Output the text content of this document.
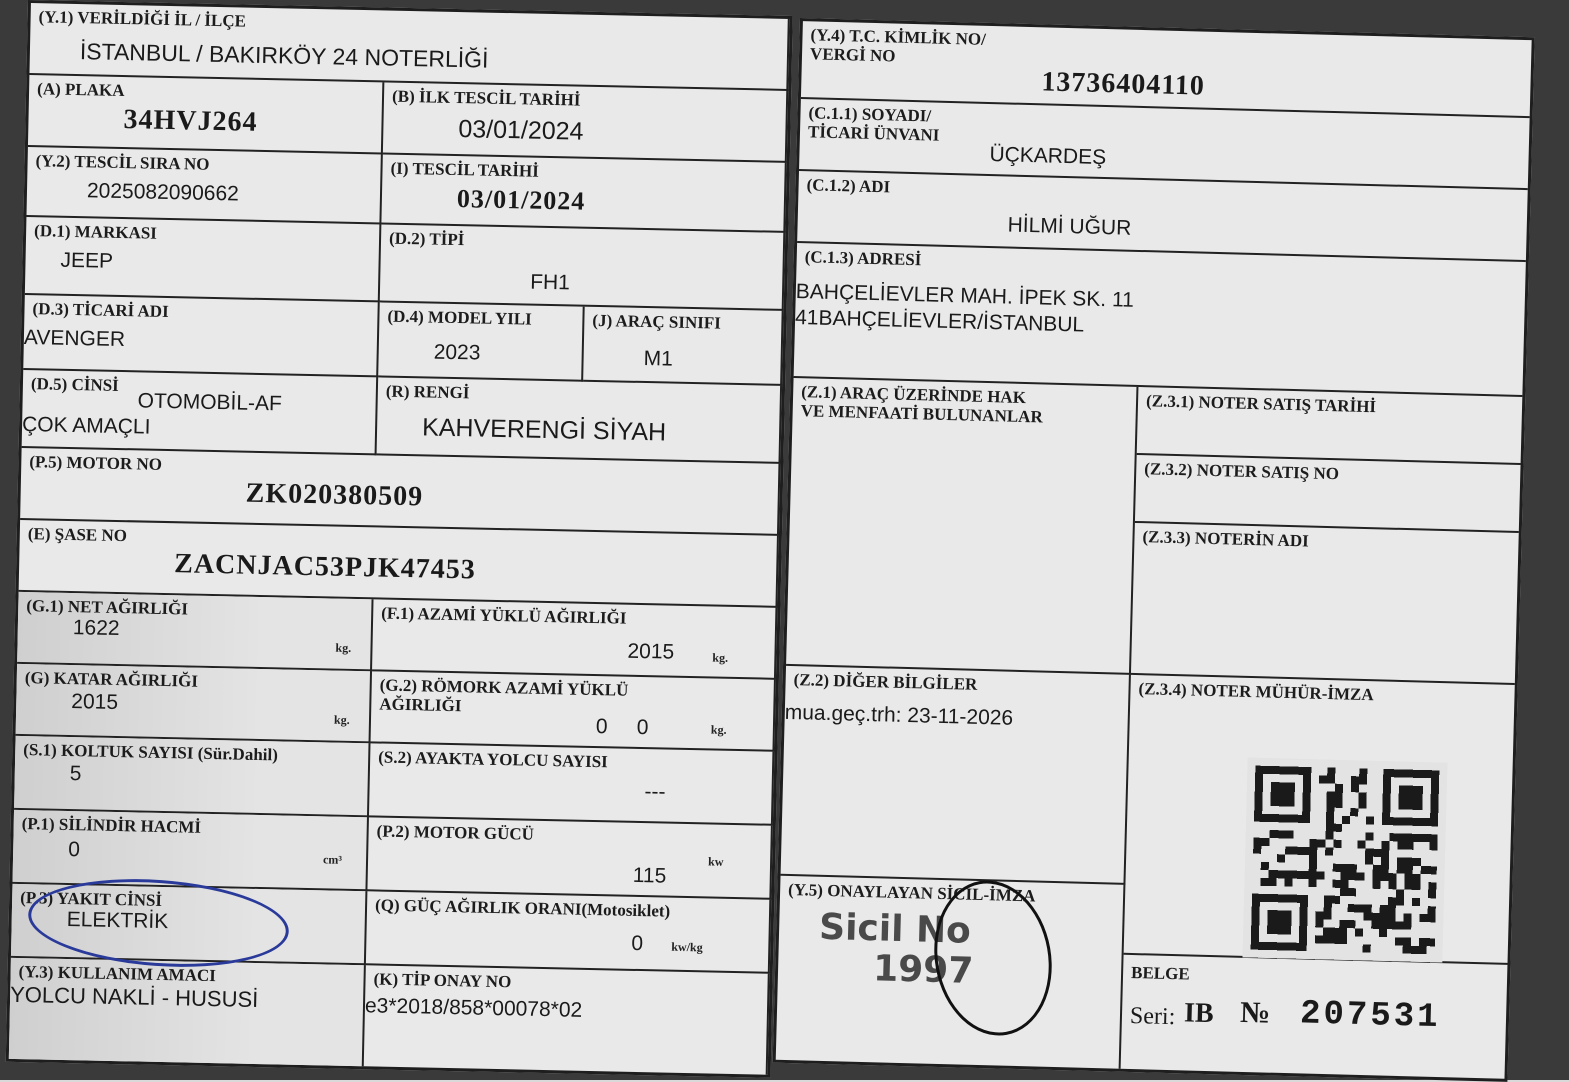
(Y.1) VERİLDİĞİ İL / İLÇE
İSTANBUL / BAKIRKÖY 24 NOTERLİĞİ
(A) PLAKA
34HVJ264
(B) İLK TESCİL TARİHİ
03/01/2024
(Y.2) TESCİL SIRA NO
2025082090662
(I) TESCİL TARİHİ
03/01/2024
(D.1) MARKASI
JEEP
(D.2) TİPİ
FH1
(D.3) TİCARİ ADI
AVENGER
(D.4) MODEL YILI
2023
(J) ARAÇ SINIFI
M1
(D.5) CİNSİ
OTOMOBİL-AF
ÇOK AMAÇLI
(R) RENGİ
KAHVERENGİ SİYAH
(P.5) MOTOR NO
ZK020380509
(E) ŞASE NO
ZACNJAC53PJK47453
(G.1) NET AĞIRLIĞI
1622
kg.
(F.1) AZAMİ YÜKLÜ AĞIRLIĞI
2015	kg.
(G) KATAR AĞIRLIĞI
2015
kg.
(G.2) RÖMORK AZAMİ YÜKLÜ
AĞIRLIĞI
0     0	kg.
(S.1) KOLTUK SAYISI (Sür.Dahil)
5
(S.2) AYAKTA YOLCU SAYISI
---
(P.1) SİLİNDİR HACMİ
0	cm³
(P.2) MOTOR GÜCÜ
115
kw
(P.3) YAKIT CİNSİ
ELEKTRİK	(Q) GÜÇ AĞIRLIK ORANI(Motosiklet)
0 kw/kg
(Y.3) KULLANIM AMACI
YOLCU NAKLİ - HUSUSİ
(K) TİP ONAY NO
e3*2018/858*00078*02
(Y.4) T.C. KİMLİK NO/
VERGİ NO
13736404110
(C.1.1) SOYADI/
TİCARİ ÜNVANI
ÜÇKARDEŞ
(C.1.2) ADI
HİLMİ UĞUR
(C.1.3) ADRESİ
BAHÇELİEVLER MAH. İPEK SK. 11
41BAHÇELİEVLER/İSTANBUL
(Z.1) ARAÇ ÜZERİNDE HAK
VE MENFAATİ BULUNANLAR	(Z.3.1) NOTER SATIŞ TARİHİ
(Z.3.2) NOTER SATIŞ NO
(Z.3.3) NOTERİN ADI
(Z.2) DİĞER BİLGİLER
mua.geç.trh: 23-11-2026
(Z.3.4) NOTER MÜHÜR-İMZA
(Y.5) ONAYLAYAN SİCİL-İMZA
Sicil No
1997	BELGE
Seri: IB № 207531
